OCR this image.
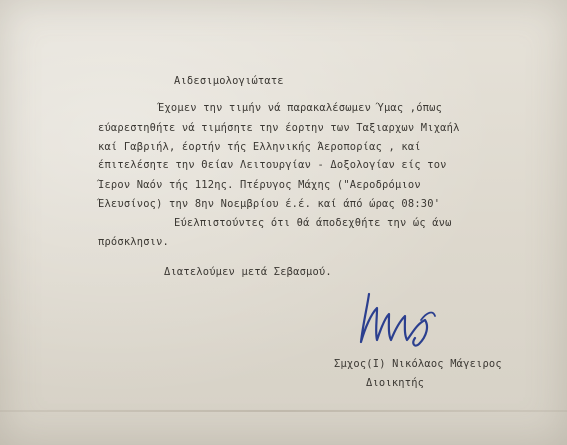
Αιδεσιμολογιώτατε
Έχομεν την τιμήν νά παρακαλέσωμεν Ύμας ,όπως
εύαρεστηθήτε νά τιμήσητε την έορτην των Ταξιαρχων Μιχαήλ
καί Γαβριήλ, έορτήν τής Ελληνικής Άεροπορίας , καί
έπιτελέσητε την Θείαν Λειτουργίαν - Δοξολογίαν είς τον
Ίερον Ναόν τής 112ης. Πτέρυγος Μάχης ("Αεροδρόμιον
Έλευσίνος) την 8ην Νοεμβρίου έ.έ. καί άπό ώρας 08:30'
Εύελπιστούντες ότι θά άποδεχθήτε την ώς άνω
πρόσκλησιν.
Διατελούμεν μετά Σεβασμού.
Σμχος(Ι) Νικόλαος Μάγειρος
Διοικητής
